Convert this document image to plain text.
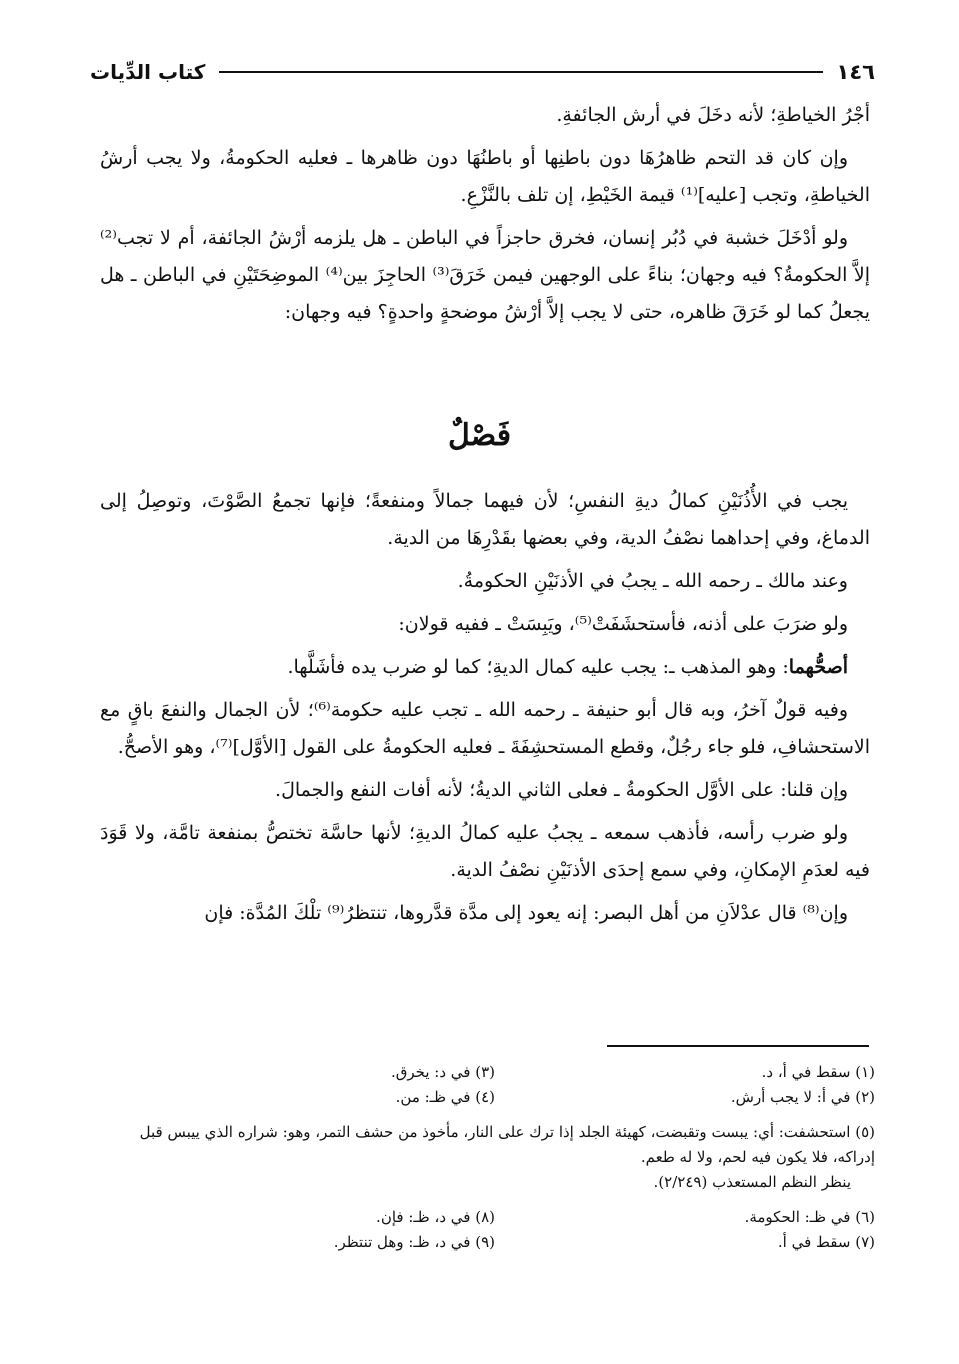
١٤٦
كتاب الدِّيات

أجْرُ الخياطةِ؛ لأنه دخَلَ في أرش الجائفةِ.

وإن كان قد التحم ظاهرُهَا دون باطنِها أو باطنُهَا دون ظاهرها ـ فعليه الحكومةُ، ولا يجب أرشُ الخياطةِ، وتجب [عليه]⁽¹⁾ قيمة الخَيْطِ، إن تلف بالنَّزْعِ.

ولو أدْخَلَ خشبة في دُبُر إنسان، فخرق حاجزاً في الباطن ـ هل يلزمه أرْشُ الجائفة، أم لا تجب⁽²⁾ إلاَّ الحكومةُ؟ فيه وجهان؛ بناءً على الوجهين فيمن خَرَقَ⁽³⁾ الحاجِزَ بين⁽⁴⁾ الموضِحَتَيْنِ في الباطن ـ هل يجعلُ كما لو خَرَقَ ظاهره، حتى لا يجب إلاَّ أرْشُ موضحةٍ واحدةٍ؟ فيه وجهان:

فَصْلٌ

يجب في الأُذُنَيْنِ كمالُ ديةِ النفسِ؛ لأن فيهما جمالاً ومنفعةً؛ فإنها تجمعُ الصَّوْتَ، وتوصِلُ إلى الدماغ، وفي إحداهما نصْفُ الدية، وفي بعضها بقَدْرِهَا من الدية.

وعند مالك ـ رحمه الله ـ يجبُ في الأذنَيْنِ الحكومةُ.

ولو ضرَبَ على أذنه، فأستحشَفَتْ⁽⁵⁾، ويَبِسَتْ ـ ففيه قولان:

أصحُّهما: وهو المذهب ـ: يجب عليه كمال الديةِ؛ كما لو ضرب يده فأشَلَّها.

وفيه قولٌ آخرُ، وبه قال أبو حنيفة ـ رحمه الله ـ تجب عليه حكومة⁽⁶⁾؛ لأن الجمال والنفعَ باقٍ مع الاستحشافِ، فلو جاء رجُلٌ، وقطع المستحشِفَةَ ـ فعليه الحكومةُ على القول [الأوَّل]⁽⁷⁾، وهو الأصحُّ.

وإن قلنا: على الأوَّل الحكومةُ ـ فعلى الثاني الديةُ؛ لأنه أفات النفع والجمالَ.

ولو ضرب رأسه، فأذهب سمعه ـ يجبُ عليه كمالُ الديةِ؛ لأنها حاسَّة تختصُّ بمنفعة تامَّة، ولا قَوَدَ فيه لعدَمِ الإمكانِ، وفي سمع إحدَى الأذنَيْنِ نصْفُ الدية.

وإن⁽⁸⁾ قال عدْلاَنِ من أهل البصر: إنه يعود إلى مدَّة قدَّروها، تنتظرُ⁽⁹⁾ تلْكَ المُدَّة: فإن

(١) سقط في أ، د.
(٣) في د: يخرق.
(٢) في أ: لا يجب أرش.
(٤) في ظـ: من.
(٥) استحشفت: أي: يبست وتقبضت، كهيئة الجلد إذا ترك على النار، مأخوذ من حشف التمر، وهو: شراره الذي ييبس قبل إدراكه، فلا يكون فيه لحم، ولا له طعم.
ينظر النظم المستعذب (٢/٢٤٩).
(٦) في ظـ: الحكومة.
(٨) في د، ظـ: فإن.
(٧) سقط في أ.
(٩) في د، ظـ: وهل تنتظر.
